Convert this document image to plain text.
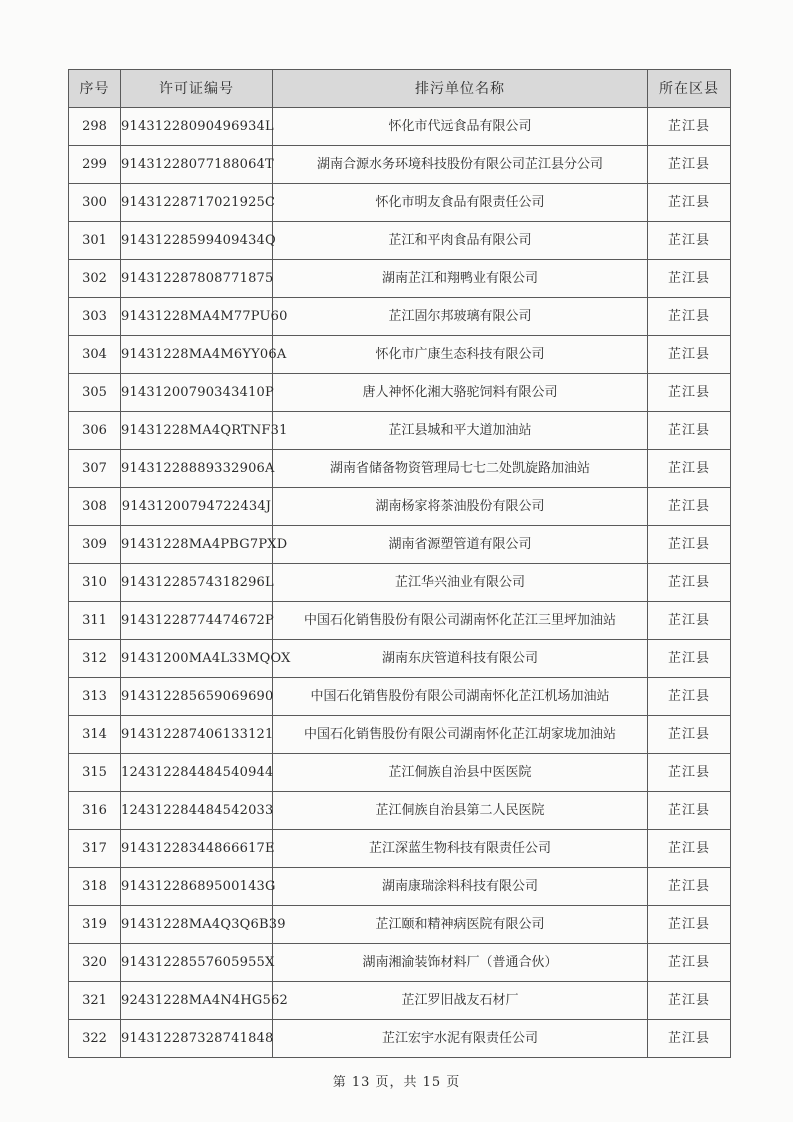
序号	许可证编号	排污单位名称	所在区县
298	91431228090496934L	怀化市代远食品有限公司	芷江县
299	91431228077188064T	湖南合源水务环境科技股份有限公司芷江县分公司	芷江县
300	91431228717021925C	怀化市明友食品有限责任公司	芷江县
301	91431228599409434Q	芷江和平肉食品有限公司	芷江县
302	914312287808771875	湖南芷江和翔鸭业有限公司	芷江县
303	91431228MA4M77PU60	芷江固尔邦玻璃有限公司	芷江县
304	91431228MA4M6YY06A	怀化市广康生态科技有限公司	芷江县
305	91431200790343410P	唐人神怀化湘大骆驼饲料有限公司	芷江县
306	91431228MA4QRTNF31	芷江县城和平大道加油站	芷江县
307	91431228889332906A	湖南省储备物资管理局七七二处凯旋路加油站	芷江县
308	91431200794722434J	湖南杨家将茶油股份有限公司	芷江县
309	91431228MA4PBG7PXD	湖南省源塑管道有限公司	芷江县
310	91431228574318296L	芷江华兴油业有限公司	芷江县
311	91431228774474672P	中国石化销售股份有限公司湖南怀化芷江三里坪加油站	芷江县
312	91431200MA4L33MQOX	湖南东庆管道科技有限公司	芷江县
313	914312285659069690	中国石化销售股份有限公司湖南怀化芷江机场加油站	芷江县
314	914312287406133121	中国石化销售股份有限公司湖南怀化芷江胡家垅加油站	芷江县
315	124312284484540944	芷江侗族自治县中医医院	芷江县
316	124312284484542033	芷江侗族自治县第二人民医院	芷江县
317	91431228344866617E	芷江深蓝生物科技有限责任公司	芷江县
318	91431228689500143G	湖南康瑞涂料科技有限公司	芷江县
319	91431228MA4Q3Q6B39	芷江颐和精神病医院有限公司	芷江县
320	91431228557605955X	湖南湘渝装饰材料厂（普通合伙）	芷江县
321	92431228MA4N4HG562	芷江罗旧战友石材厂	芷江县
322	914312287328741848	芷江宏宇水泥有限责任公司	芷江县
第 13 页，共 15 页
